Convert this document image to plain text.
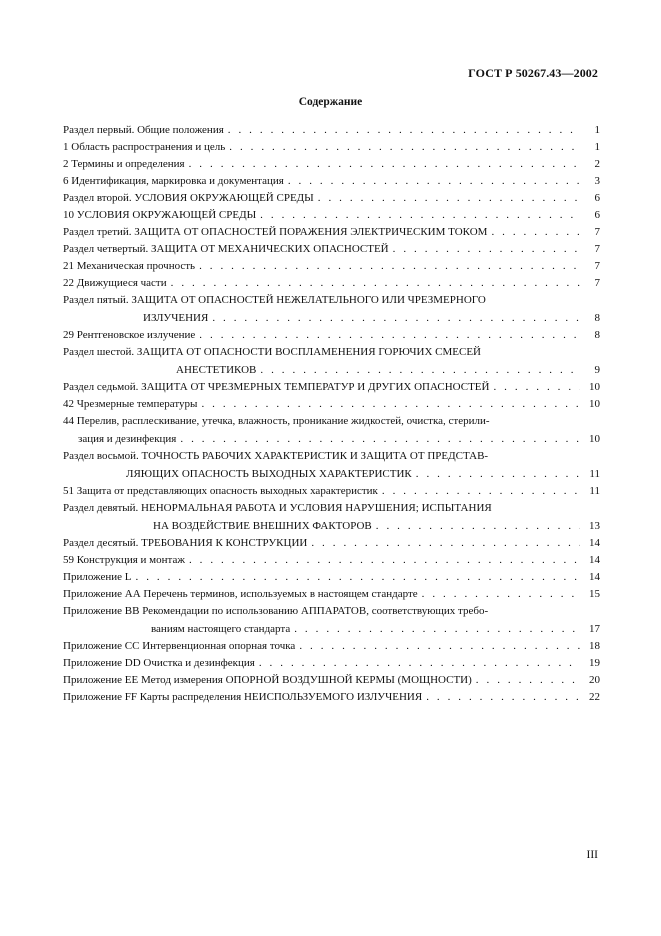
ГОСТ Р 50267.43—2002
Содержание
Раздел первый. Общие положения . . .	1
1 Область распространения и цель . . .	1
2 Термины и определения . . .	2
6 Идентификация, маркировка и документация . . .	3
Раздел второй. УСЛОВИЯ ОКРУЖАЮЩЕЙ СРЕДЫ . . .	6
10 УСЛОВИЯ ОКРУЖАЮЩЕЙ СРЕДЫ . . .	6
Раздел третий. ЗАЩИТА ОТ ОПАСНОСТЕЙ ПОРАЖЕНИЯ ЭЛЕКТРИЧЕСКИМ ТОКОМ . . .	7
Раздел четвертый. ЗАЩИТА ОТ МЕХАНИЧЕСКИХ ОПАСНОСТЕЙ . . .	7
21 Механическая прочность . . .	7
22 Движущиеся части . . .	7
Раздел пятый. ЗАЩИТА ОТ ОПАСНОСТЕЙ НЕЖЕЛАТЕЛЬНОГО ИЛИ ЧРЕЗМЕРНОГО
ИЗЛУЧЕНИЯ . . .	8
29 Рентгеновское излучение . . .	8
Раздел шестой. ЗАЩИТА ОТ ОПАСНОСТИ ВОСПЛАМЕНЕНИЯ ГОРЮЧИХ СМЕСЕЙ
АНЕСТЕТИКОВ . . .	9
Раздел седьмой. ЗАЩИТА ОТ ЧРЕЗМЕРНЫХ ТЕМПЕРАТУР И ДРУГИХ ОПАСНОСТЕЙ . . .	10
42 Чрезмерные температуры . . .	10
44 Перелив, расплескивание, утечка, влажность, проникание жидкостей, очистка, стерили-
зация и дезинфекция . . .	10
Раздел восьмой. ТОЧНОСТЬ РАБОЧИХ ХАРАКТЕРИСТИК И ЗАЩИТА ОТ ПРЕДСТАВ-
ЛЯЮЩИХ ОПАСНОСТЬ ВЫХОДНЫХ ХАРАКТЕРИСТИК . . .	11
51 Защита от представляющих опасность выходных характеристик . . .	11
Раздел девятый. НЕНОРМАЛЬНАЯ РАБОТА И УСЛОВИЯ НАРУШЕНИЯ; ИСПЫТАНИЯ
НА ВОЗДЕЙСТВИЕ ВНЕШНИХ ФАКТОРОВ . . .	13
Раздел десятый. ТРЕБОВАНИЯ К КОНСТРУКЦИИ . . .	14
59 Конструкция и монтаж . . .	14
Приложение L . . .	14
Приложение АА Перечень терминов, используемых в настоящем стандарте . . .	15
Приложение ВВ Рекомендации по использованию АППАРАТОВ, соответствующих требо-
ваниям настоящего стандарта . . .	17
Приложение СС Интервенционная опорная точка . . .	18
Приложение DD Очистка и дезинфекция . . .	19
Приложение ЕЕ Метод измерения ОПОРНОЙ ВОЗДУШНОЙ КЕРМЫ (МОЩНОСТИ) . . .	20
Приложение FF Карты распределения НЕИСПОЛЬЗУЕМОГО ИЗЛУЧЕНИЯ . . .	22
III
